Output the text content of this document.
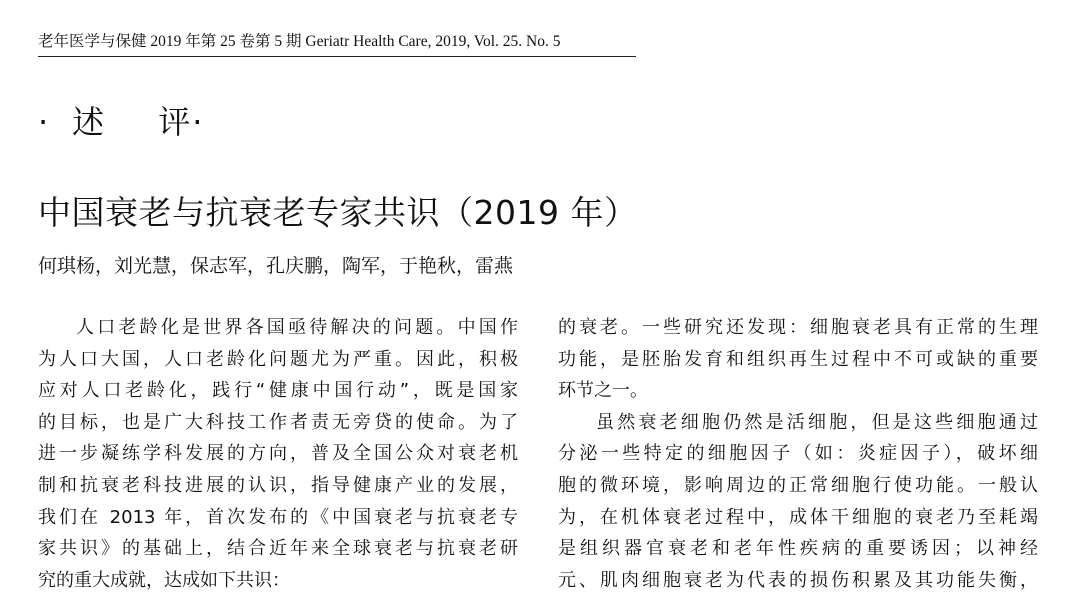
老年医学与保健 2019 年第 25 卷第 5 期 Geriatr Health Care, 2019, Vol. 25. No. 5
· 述 评·
中国衰老与抗衰老专家共识（2019 年）
何琪杨，刘光慧，保志军，孔庆鹏，陶军，于艳秋，雷燕
人口老龄化是世界各国亟待解决的问题。中国作
为人口大国，人口老龄化问题尤为严重。因此，积极
应对人口老龄化，践行“健康中国行动”，既是国家
的目标，也是广大科技工作者责无旁贷的使命。为了
进一步凝练学科发展的方向，普及全国公众对衰老机
制和抗衰老科技进展的认识，指导健康产业的发展，
我们在 2013 年，首次发布的《中国衰老与抗衰老专
家共识》的基础上，结合近年来全球衰老与抗衰老研
究的重大成就，达成如下共识：
的衰老。一些研究还发现：细胞衰老具有正常的生理
功能，是胚胎发育和组织再生过程中不可或缺的重要
环节之一。
虽然衰老细胞仍然是活细胞，但是这些细胞通过
分泌一些特定的细胞因子（如：炎症因子），破坏细
胞的微环境，影响周边的正常细胞行使功能。一般认
为，在机体衰老过程中，成体干细胞的衰老乃至耗竭
是组织器官衰老和老年性疾病的重要诱因；以神经
元、肌肉细胞衰老为代表的损伤积累及其功能失衡，
